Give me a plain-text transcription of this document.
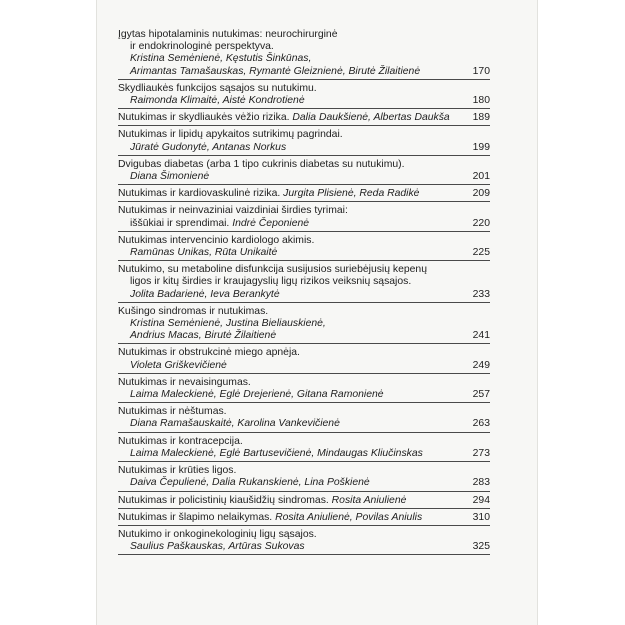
Įgytas hipotalaminis nutukimas: neurochirurginė
ir endokrinologinė perspektyva.
Kristina Semėnienė, Kęstutis Šinkūnas,
Arimantas Tamašauskas, Rymantė Gleiznienė, Birutė Žilaitienė	170
Skydliaukės funkcijos sąsajos su nutukimu.
Raimonda Klimaitė, Aistė Kondrotienė	180
Nutukimas ir skydliaukės vėžio rizika. Dalia Daukšienė, Albertas Daukša	189
Nutukimas ir lipidų apykaitos sutrikimų pagrindai.
Jūratė Gudonytė, Antanas Norkus	199
Dvigubas diabetas (arba 1 tipo cukrinis diabetas su nutukimu).
Diana Šimonienė	201
Nutukimas ir kardiovaskulinė rizika. Jurgita Plisienė, Reda Radikė	209
Nutukimas ir neinvaziniai vaizdiniai širdies tyrimai:
iššūkiai ir sprendimai. Indrė Čeponienė	220
Nutukimas intervencinio kardiologo akimis.
Ramūnas Unikas, Rūta Unikaitė	225
Nutukimo, su metaboline disfunkcija susijusios suriebėjusių kepenų
ligos ir kitų širdies ir kraujagyslių ligų rizikos veiksnių sąsajos.
Jolita Badarienė, Ieva Berankytė	233
Kušingo sindromas ir nutukimas.
Kristina Semėnienė, Justina Bieliauskienė,
Andrius Macas, Birutė Žilaitienė	241
Nutukimas ir obstrukcinė miego apnėja.
Violeta Griškevičienė	249
Nutukimas ir nevaisingumas.
Laima Maleckienė, Eglė Drejerienė, Gitana Ramonienė	257
Nutukimas ir nėštumas.
Diana Ramašauskaitė, Karolina Vankevičienė	263
Nutukimas ir kontracepcija.
Laima Maleckienė, Eglė Bartusevičienė, Mindaugas Kliučinskas	273
Nutukimas ir krūties ligos.
Daiva Čepulienė, Dalia Rukanskienė, Lina Poškienė	283
Nutukimas ir policistinių kiaušidžių sindromas. Rosita Aniulienė	294
Nutukimas ir šlapimo nelaikymas. Rosita Aniulienė, Povilas Aniulis	310
Nutukimo ir onkoginekologinių ligų sąsajos.
Saulius Paškauskas, Artūras Sukovas	325
